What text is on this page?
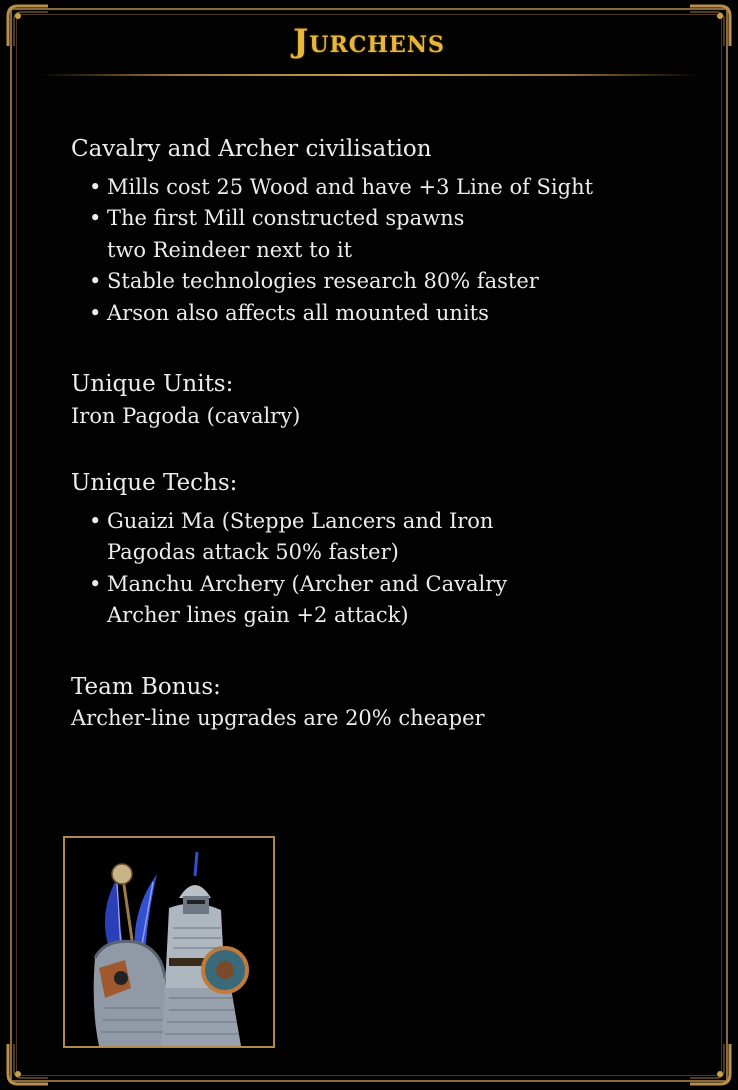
Jurchens

Cavalry and Archer civilisation

• Mills cost 25 Wood and have +3 Line of Sight
• The first Mill constructed spawns two Reindeer next to it
• Stable technologies research 80% faster
• Arson also affects all mounted units

Unique Units:

Iron Pagoda (cavalry)

Unique Techs:

• Guaizi Ma (Steppe Lancers and Iron Pagodas attack 50% faster)
• Manchu Archery (Archer and Cavalry Archer lines gain +2 attack)

Team Bonus:

Archer-line upgrades are 20% cheaper
